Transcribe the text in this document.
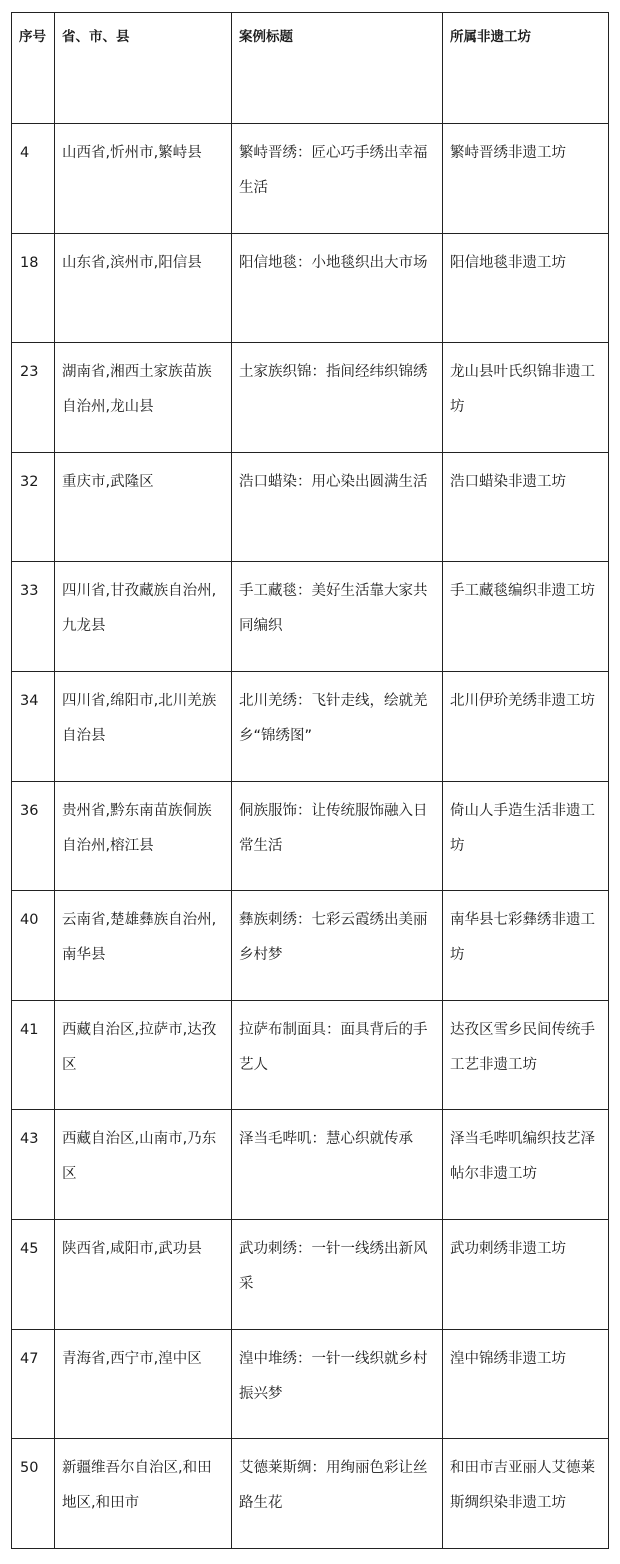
序号	省、市、县	案例标题	所属非遗工坊
4	山西省,忻州市,繁峙县	繁峙晋绣：匠心巧手绣出幸福生活	繁峙晋绣非遗工坊
18	山东省,滨州市,阳信县	阳信地毯：小地毯织出大市场	阳信地毯非遗工坊
23	湖南省,湘西土家族苗族自治州,龙山县	土家族织锦：指间经纬织锦绣	龙山县叶氏织锦非遗工坊
32	重庆市,武隆区	浩口蜡染：用心染出圆满生活	浩口蜡染非遗工坊
33	四川省,甘孜藏族自治州,九龙县	手工藏毯：美好生活靠大家共同编织	手工藏毯编织非遗工坊
34	四川省,绵阳市,北川羌族自治县	北川羌绣：飞针走线，绘就羌乡“锦绣图”	北川伊玠羌绣非遗工坊
36	贵州省,黔东南苗族侗族自治州,榕江县	侗族服饰：让传统服饰融入日常生活	倚山人手造生活非遗工坊
40	云南省,楚雄彝族自治州,南华县	彝族刺绣：七彩云霞绣出美丽乡村梦	南华县七彩彝绣非遗工坊
41	西藏自治区,拉萨市,达孜区	拉萨布制面具：面具背后的手艺人	达孜区雪乡民间传统手工艺非遗工坊
43	西藏自治区,山南市,乃东区	泽当毛哔叽：慧心织就传承	泽当毛哔叽编织技艺泽帖尔非遗工坊
45	陕西省,咸阳市,武功县	武功刺绣：一针一线绣出新风采	武功刺绣非遗工坊
47	青海省,西宁市,湟中区	湟中堆绣：一针一线织就乡村振兴梦	湟中锦绣非遗工坊
50	新疆维吾尔自治区,和田地区,和田市	艾德莱斯绸：用绚丽色彩让丝路生花	和田市吉亚丽人艾德莱斯绸织染非遗工坊
